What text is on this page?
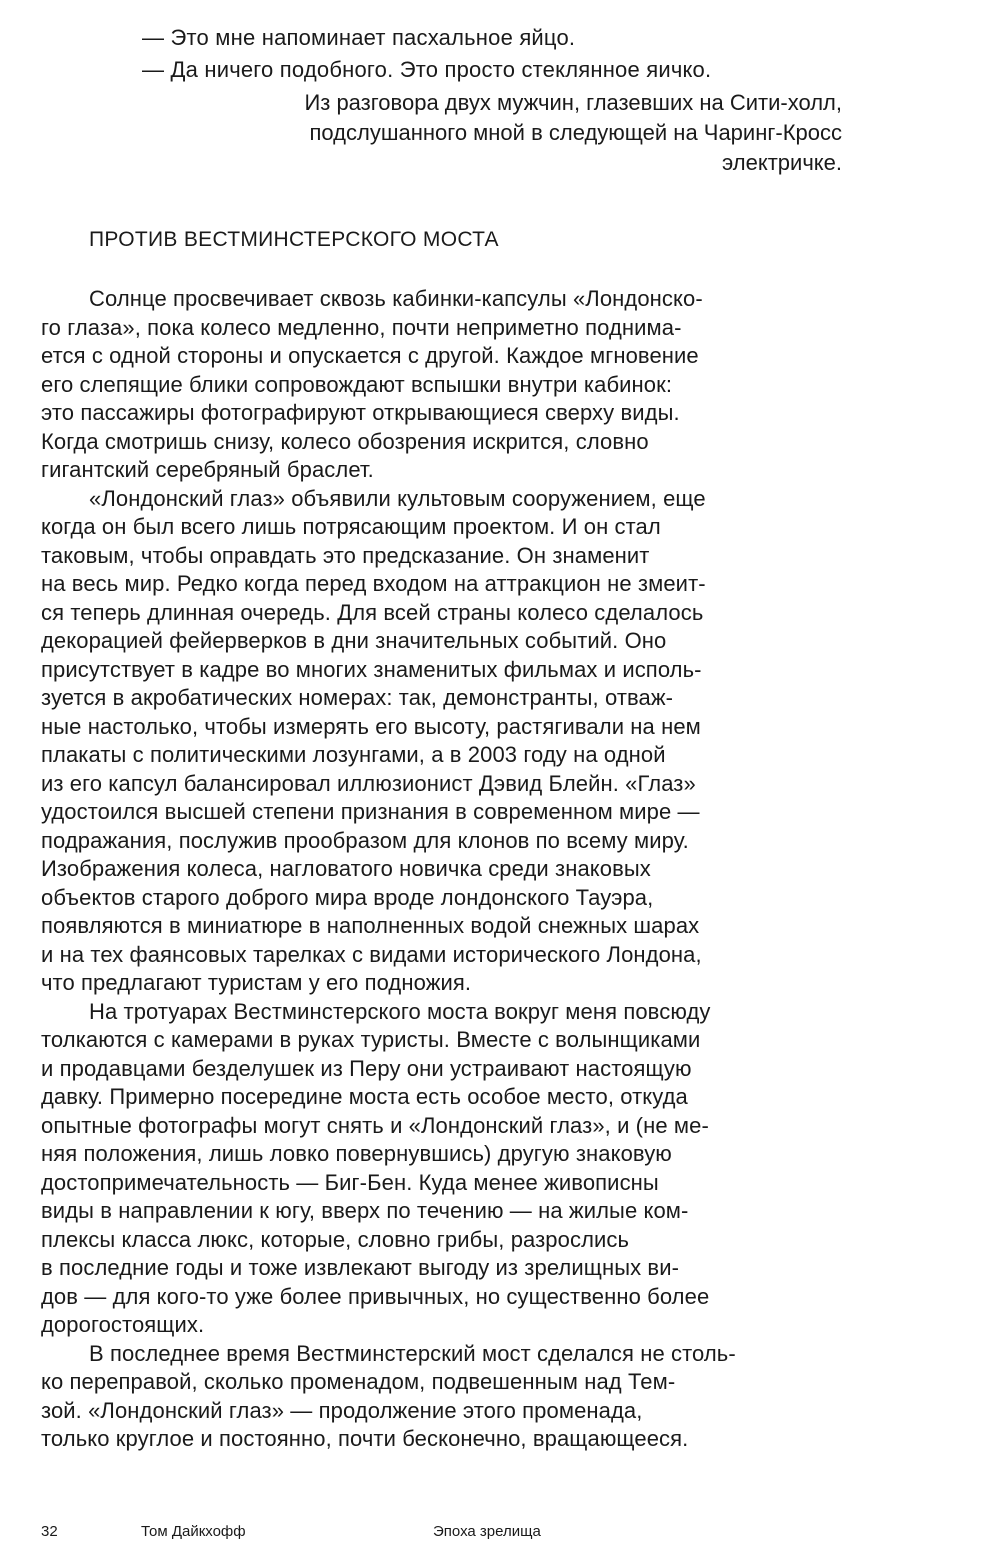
— Это мне напоминает пасхальное яйцо.
— Да ничего подобного. Это просто стеклянное яичко.
Из разговора двух мужчин, глазевших на Сити-холл,
подслушанного мной в следующей на Чаринг-Кросс
электричке.
ПРОТИВ ВЕСТМИНСТЕРСКОГО МОСТА
Солнце просвечивает сквозь кабинки-капсулы «Лондонско-
го глаза», пока колесо медленно, почти неприметно поднима-
ется с одной стороны и опускается с другой. Каждое мгновение
его слепящие блики сопровождают вспышки внутри кабинок:
это пассажиры фотографируют открывающиеся сверху виды.
Когда смотришь снизу, колесо обозрения искрится, словно
гигантский серебряный браслет.
«Лондонский глаз» объявили культовым сооружением, еще
когда он был всего лишь потрясающим проектом. И он стал
таковым, чтобы оправдать это предсказание. Он знаменит
на весь мир. Редко когда перед входом на аттракцион не змеит-
ся теперь длинная очередь. Для всей страны колесо сделалось
декорацией фейерверков в дни значительных событий. Оно
присутствует в кадре во многих знаменитых фильмах и исполь-
зуется в акробатических номерах: так, демонстранты, отваж-
ные настолько, чтобы измерять его высоту, растягивали на нем
плакаты с политическими лозунгами, а в 2003 году на одной
из его капсул балансировал иллюзионист Дэвид Блейн. «Глаз»
удостоился высшей степени признания в современном мире —
подражания, послужив прообразом для клонов по всему миру.
Изображения колеса, нагловатого новичка среди знаковых
объектов старого доброго мира вроде лондонского Тауэра,
появляются в миниатюре в наполненных водой снежных шарах
и на тех фаянсовых тарелках с видами исторического Лондона,
что предлагают туристам у его подножия.
На тротуарах Вестминстерского моста вокруг меня повсюду
толкаются с камерами в руках туристы. Вместе с волынщиками
и продавцами безделушек из Перу они устраивают настоящую
давку. Примерно посередине моста есть особое место, откуда
опытные фотографы могут снять и «Лондонский глаз», и (не ме-
няя положения, лишь ловко повернувшись) другую знаковую
достопримечательность — Биг-Бен. Куда менее живописны
виды в направлении к югу, вверх по течению — на жилые ком-
плексы класса люкс, которые, словно грибы, разрослись
в последние годы и тоже извлекают выгоду из зрелищных ви-
дов — для кого-то уже более привычных, но существенно более
дорогостоящих.
В последнее время Вестминстерский мост сделался не столь-
ко переправой, сколько променадом, подвешенным над Тем-
зой. «Лондонский глаз» — продолжение этого променада,
только круглое и постоянно, почти бесконечно, вращающееся.
32	Том Дайкхофф	Эпоха зрелища
